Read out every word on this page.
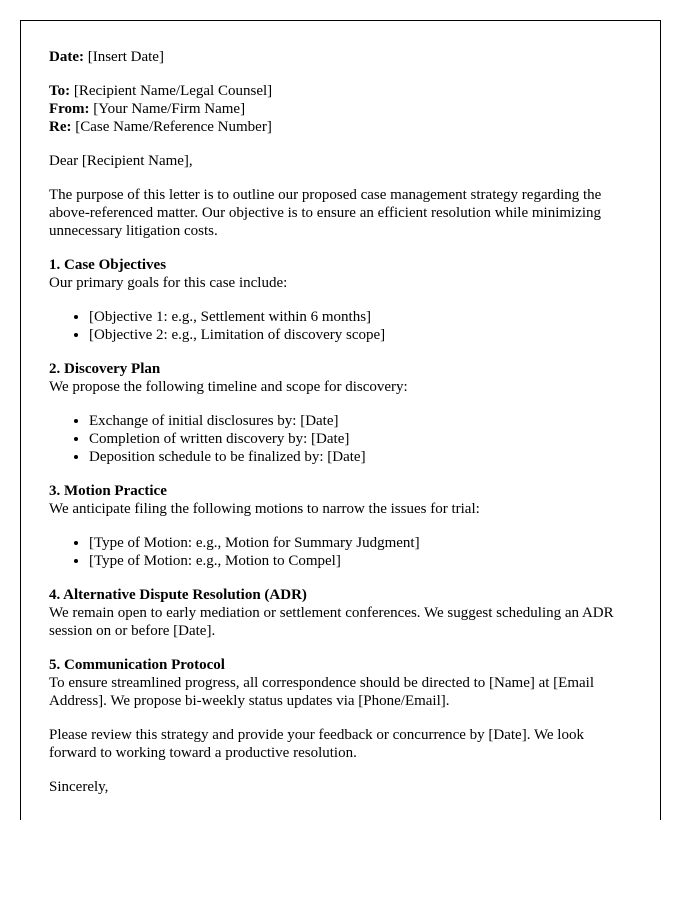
Date: [Insert Date]

To: [Recipient Name/Legal Counsel]

From: [Your Name/Firm Name]

Re: [Case Name/Reference Number]

Dear [Recipient Name],

The purpose of this letter is to outline our proposed case management strategy regarding the above-referenced matter. Our objective is to ensure an efficient resolution while minimizing unnecessary litigation costs.

1. Case Objectives

Our primary goals for this case include:

• [Objective 1: e.g., Settlement within 6 months]
• [Objective 2: e.g., Limitation of discovery scope]

2. Discovery Plan

We propose the following timeline and scope for discovery:

• Exchange of initial disclosures by: [Date]
• Completion of written discovery by: [Date]
• Deposition schedule to be finalized by: [Date]

3. Motion Practice

We anticipate filing the following motions to narrow the issues for trial:

• [Type of Motion: e.g., Motion for Summary Judgment]
• [Type of Motion: e.g., Motion to Compel]

4. Alternative Dispute Resolution (ADR)

We remain open to early mediation or settlement conferences. We suggest scheduling an ADR session on or before [Date].

5. Communication Protocol

To ensure streamlined progress, all correspondence should be directed to [Name] at [Email Address]. We propose bi-weekly status updates via [Phone/Email].

Please review this strategy and provide your feedback or concurrence by [Date]. We look forward to working toward a productive resolution.

Sincerely,
